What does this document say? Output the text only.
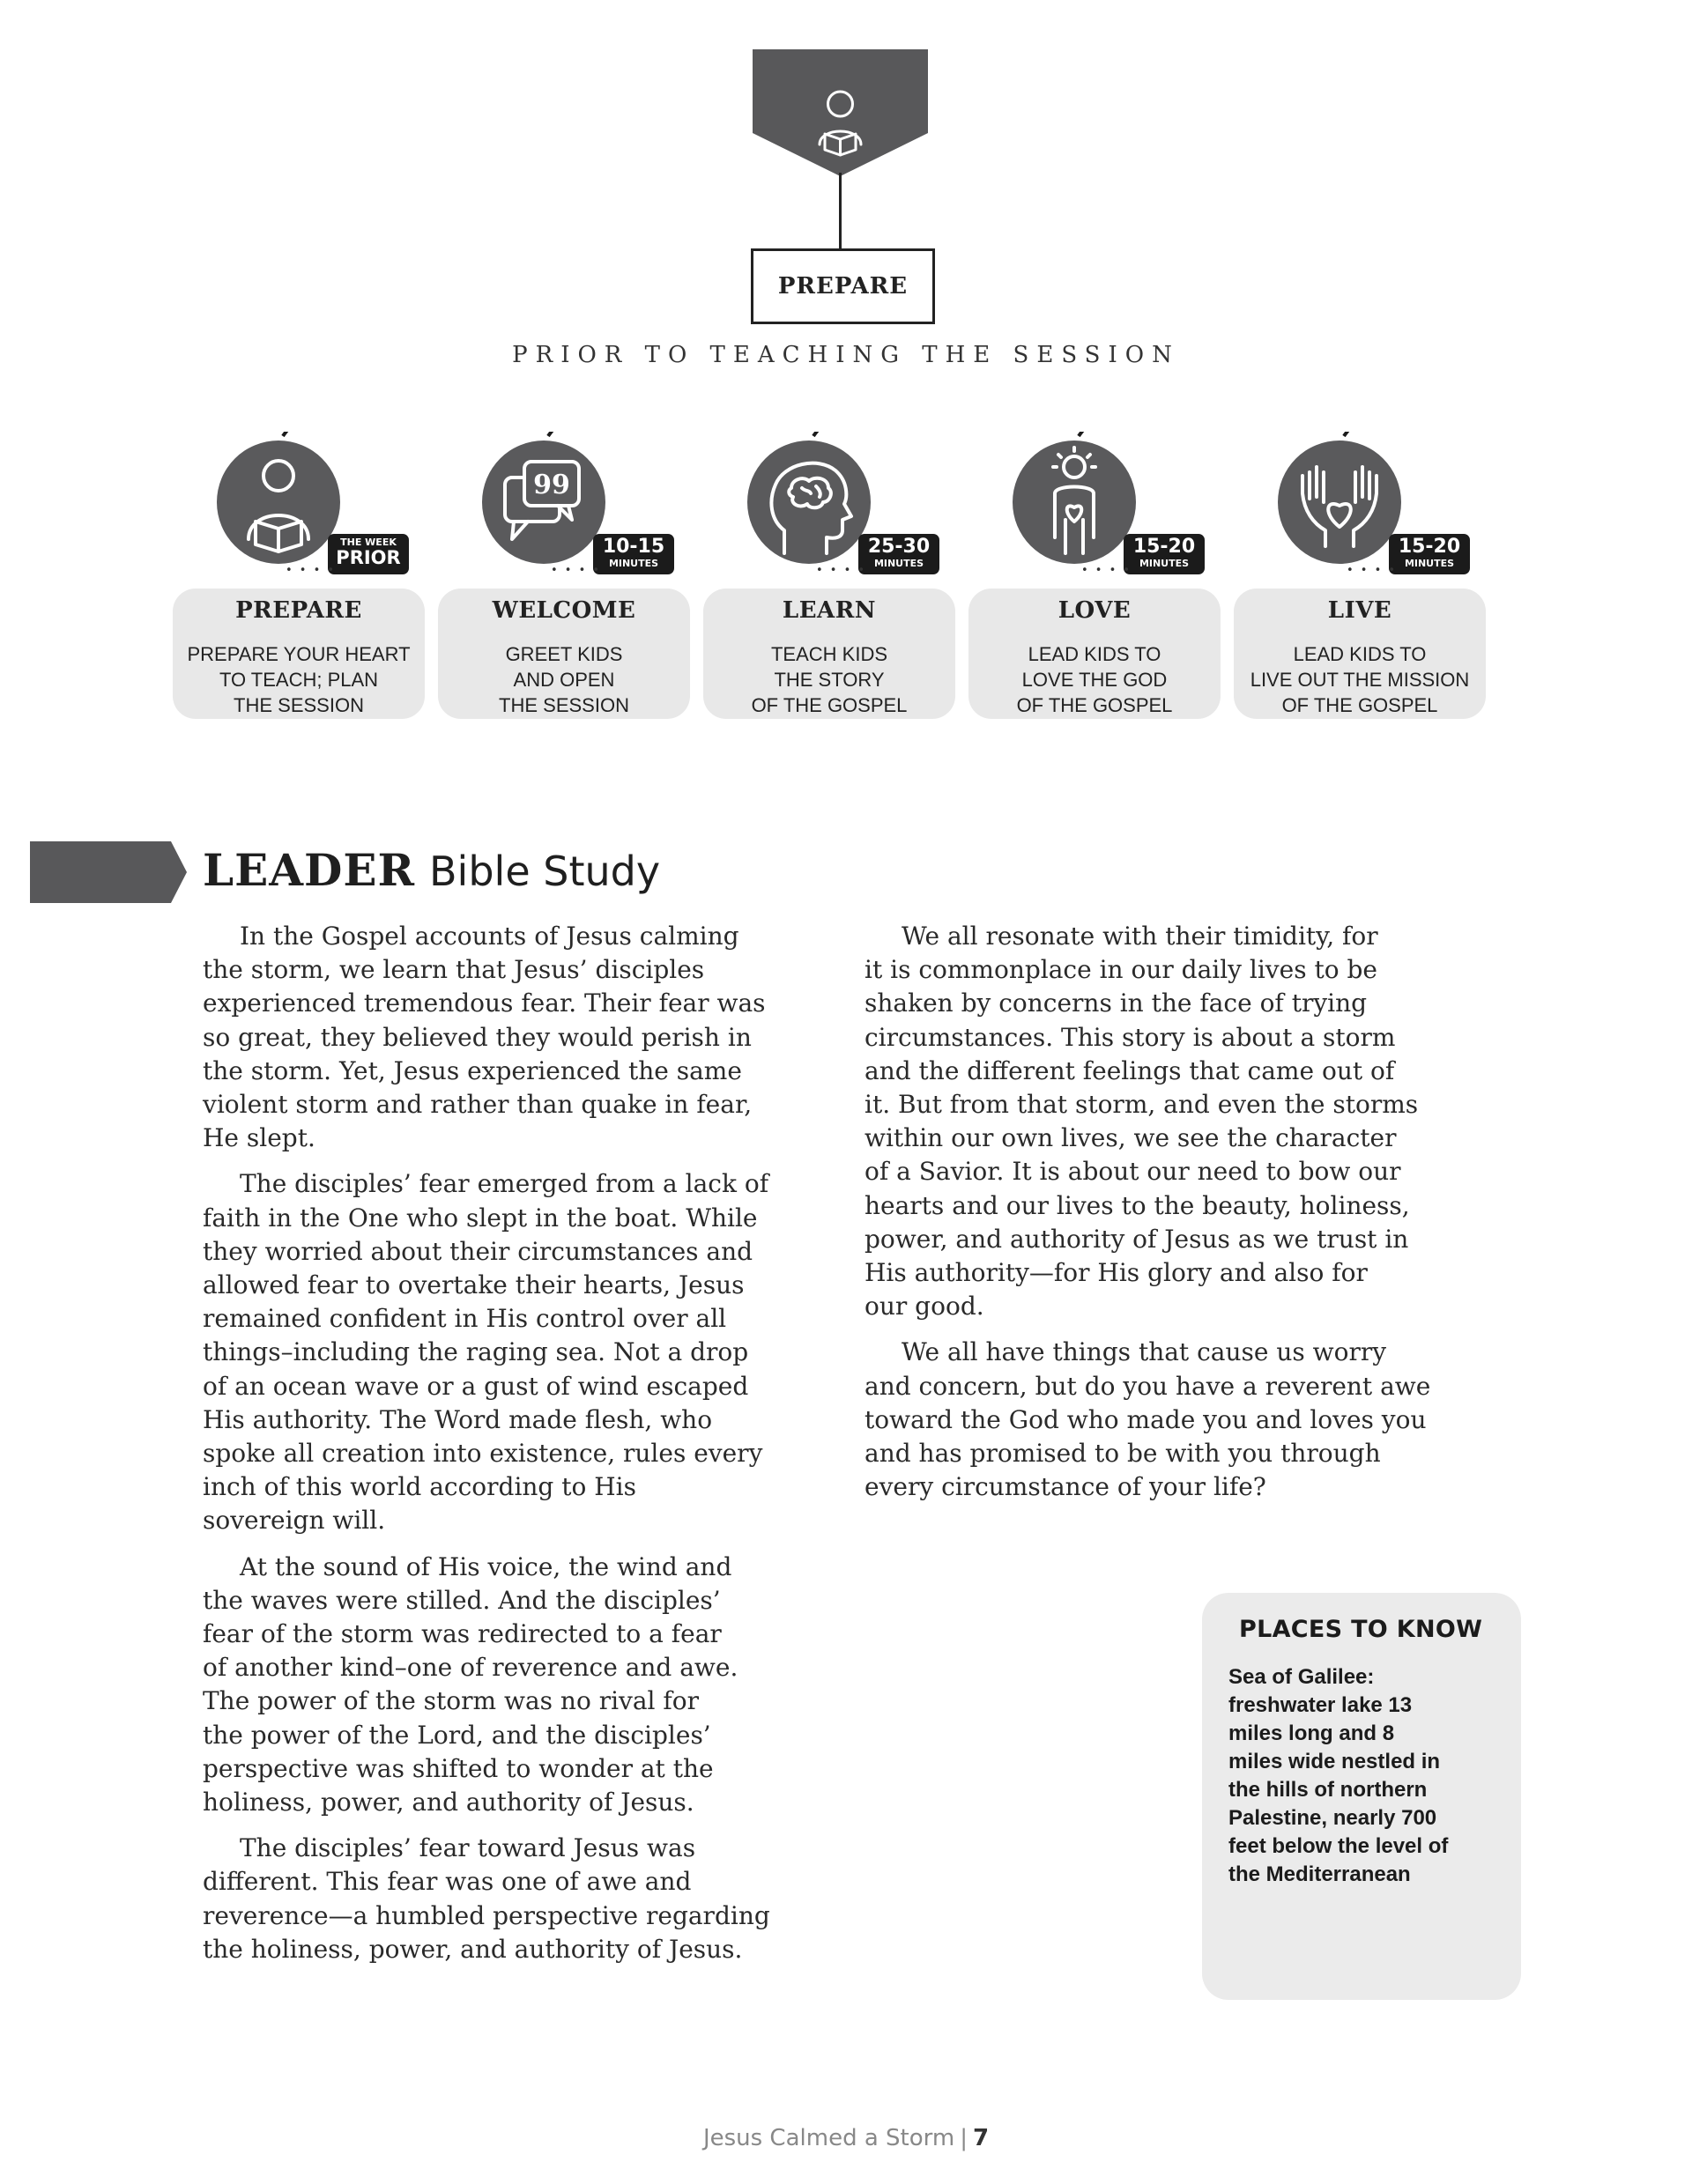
PREPARE
PRIOR TO TEACHING THE SESSION
THE WEEK
PRIOR
• • • •
PREPARE
PREPARE YOUR HEART
TO TEACH; PLAN
THE SESSION
99
10-15
MINUTES
• • • •
WELCOME
GREET KIDS
AND OPEN
THE SESSION
25-30
MINUTES
• • • •
LEARN
TEACH KIDS
THE STORY
OF THE GOSPEL
15-20
MINUTES
• • • •
LOVE
LEAD KIDS TO
LOVE THE GOD
OF THE GOSPEL
15-20
MINUTES
• • • •
LIVE
LEAD KIDS TO
LIVE OUT THE MISSION
OF THE GOSPEL
LEADER Bible Study

In the Gospel accounts of Jesus calming
the storm, we learn that Jesus’ disciples
experienced tremendous fear. Their fear was
so great, they believed they would perish in
the storm. Yet, Jesus experienced the same
violent storm and rather than quake in fear,
He slept.

The disciples’ fear emerged from a lack of
faith in the One who slept in the boat. While
they worried about their circumstances and
allowed fear to overtake their hearts, Jesus
remained confident in His control over all
things–including the raging sea. Not a drop
of an ocean wave or a gust of wind escaped
His authority. The Word made flesh, who
spoke all creation into existence, rules every
inch of this world according to His
sovereign will.

At the sound of His voice, the wind and
the waves were stilled. And the disciples’
fear of the storm was redirected to a fear
of another kind–one of reverence and awe.
The power of the storm was no rival for
the power of the Lord, and the disciples’
perspective was shifted to wonder at the
holiness, power, and authority of Jesus.

The disciples’ fear toward Jesus was
different. This fear was one of awe and
reverence—a humbled perspective regarding
the holiness, power, and authority of Jesus.

We all resonate with their timidity, for
it is commonplace in our daily lives to be
shaken by concerns in the face of trying
circumstances. This story is about a storm
and the different feelings that came out of
it. But from that storm, and even the storms
within our own lives, we see the character
of a Savior. It is about our need to bow our
hearts and our lives to the beauty, holiness,
power, and authority of Jesus as we trust in
His authority—for His glory and also for
our good.

We all have things that cause us worry
and concern, but do you have a reverent awe
toward the God who made you and loves you
and has promised to be with you through
every circumstance of your life?

PLACES TO KNOW
Sea of Galilee:
freshwater lake 13
miles long and 8
miles wide nestled in
the hills of northern
Palestine, nearly 700
feet below the level of
the Mediterranean
Jesus Calmed a Storm | 7
